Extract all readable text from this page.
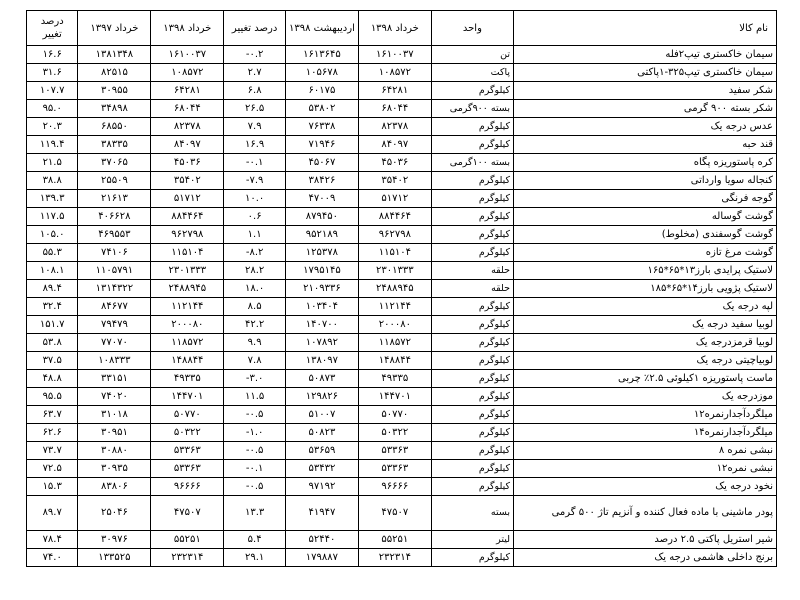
نام کالا	واحد	خرداد ۱۳۹۸	اردیبهشت ۱۳۹۸	درصد تغییر	خرداد ۱۳۹۸	خرداد ۱۳۹۷	درصد تغییر
سیمان خاکستری تیپ۲فله	تن	۱۶۱۰۰۳۷	۱۶۱۳۶۴۵	-۰.۲	۱۶۱۰۰۳۷	۱۳۸۱۳۴۸	۱۶.۶
سیمان خاکستری تیپ۳۲۵-۱پاکتی	پاکت	۱۰۸۵۷۲	۱۰۵۶۷۸	۲.۷	۱۰۸۵۷۲	۸۲۵۱۵	۳۱.۶
شکر سفید	کیلوگرم	۶۴۲۸۱	۶۰۱۷۵	۶.۸	۶۴۲۸۱	۳۰۹۵۵	۱۰۷.۷
شکر بسته ۹۰۰ گرمی	بسته ۹۰۰گرمی	۶۸۰۴۴	۵۳۸۰۲	۲۶.۵	۶۸۰۴۴	۳۴۸۹۸	۹۵.۰
عدس درجه یک	کیلوگرم	۸۲۳۷۸	۷۶۳۳۸	۷.۹	۸۲۳۷۸	۶۸۵۵۰	۲۰.۳
قند حبه	کیلوگرم	۸۴۰۹۷	۷۱۹۴۶	۱۶.۹	۸۴۰۹۷	۳۸۳۳۵	۱۱۹.۴
کره پاستوریزه پگاه	بسته ۱۰۰گرمی	۴۵۰۳۶	۴۵۰۶۷	-۰.۱	۴۵۰۳۶	۳۷۰۶۵	۲۱.۵
کنجاله سویا وارداتی	کیلوگرم	۳۵۴۰۲	۳۸۴۲۶	-۷.۹	۳۵۴۰۲	۲۵۵۰۹	۳۸.۸
گوجه فرنگی	کیلوگرم	۵۱۷۱۲	۴۷۰۰۹	۱۰.۰	۵۱۷۱۲	۲۱۶۱۳	۱۳۹.۳
گوشت گوساله	کیلوگرم	۸۸۴۴۶۴	۸۷۹۴۵۰	۰.۶	۸۸۴۴۶۴	۴۰۶۶۲۸	۱۱۷.۵
گوشت گوسفندی (مخلوط)	کیلوگرم	۹۶۲۷۹۸	۹۵۲۱۸۹	۱.۱	۹۶۲۷۹۸	۴۶۹۵۵۳	۱۰۵.۰
گوشت مرغ تازه	کیلوگرم	۱۱۵۱۰۴	۱۲۵۳۷۸	-۸.۲	۱۱۵۱۰۴	۷۴۱۰۶	۵۵.۳
لاستیک پرایدی بارز۱۳*۶۵*۱۶۵	حلقه	۲۳۰۱۳۳۳	۱۷۹۵۱۴۵	۲۸.۲	۲۳۰۱۳۳۳	۱۱۰۵۷۹۱	۱۰۸.۱
لاستیک پژویی بارز۱۴*۶۵*۱۸۵	حلقه	۲۴۸۸۹۴۵	۲۱۰۹۳۳۶	۱۸.۰	۲۴۸۸۹۴۵	۱۳۱۴۳۲۲	۸۹.۴
لپه درجه یک	کیلوگرم	۱۱۲۱۴۴	۱۰۳۴۰۴	۸.۵	۱۱۲۱۴۴	۸۴۶۷۷	۳۲.۴
لوبیا سفید درجه یک	کیلوگرم	۲۰۰۰۸۰	۱۴۰۷۰۰	۴۲.۲	۲۰۰۰۸۰	۷۹۴۷۹	۱۵۱.۷
لوبیا قرمزدرجه یک	کیلوگرم	۱۱۸۵۷۲	۱۰۷۸۹۲	۹.۹	۱۱۸۵۷۲	۷۷۰۷۰	۵۳.۸
لوبیاچیتی درجه یک	کیلوگرم	۱۴۸۸۴۴	۱۳۸۰۹۷	۷.۸	۱۴۸۸۴۴	۱۰۸۳۳۳	۳۷.۵
ماست پاستوریزه ۱کیلوئی ۲.۵٪ چربی	کیلوگرم	۴۹۳۳۵	۵۰۸۷۳	-۳.۰	۴۹۳۳۵	۳۳۱۵۱	۴۸.۸
موزدرجه یک	کیلوگرم	۱۴۴۷۰۱	۱۲۹۸۲۶	۱۱.۵	۱۴۴۷۰۱	۷۴۰۲۰	۹۵.۵
میلگردآجدارنمره۱۲	کیلوگرم	۵۰۷۷۰	۵۱۰۰۷	-۰.۵	۵۰۷۷۰	۳۱۰۱۸	۶۳.۷
میلگردآجدارنمره۱۴	کیلوگرم	۵۰۳۲۲	۵۰۸۲۳	-۱.۰	۵۰۳۲۲	۳۰۹۵۱	۶۲.۶
نبشی نمره ۸	کیلوگرم	۵۳۳۶۳	۵۳۶۵۹	-۰.۵	۵۳۳۶۳	۳۰۸۸۰	۷۳.۷
نبشی نمره۱۲	کیلوگرم	۵۳۳۶۳	۵۳۴۳۲	-۰.۱	۵۳۳۶۳	۳۰۹۳۵	۷۲.۵
نخود درجه یک	کیلوگرم	۹۶۶۶۶	۹۷۱۹۲	-۰.۵	۹۶۶۶۶	۸۳۸۰۶	۱۵.۳
پودر ماشینی با ماده فعال کننده و آنزیم تاژ ۵۰۰ گرمی	بسته	۴۷۵۰۷	۴۱۹۴۷	۱۳.۳	۴۷۵۰۷	۲۵۰۴۶	۸۹.۷
شیر استریل پاکتی ۲.۵ درصد	لیتر	۵۵۲۵۱	۵۲۴۴۰	۵.۴	۵۵۲۵۱	۳۰۹۷۶	۷۸.۴
برنج داخلی هاشمی درجه یک	کیلوگرم	۲۳۲۳۱۴	۱۷۹۸۸۷	۲۹.۱	۲۳۲۳۱۴	۱۳۳۵۲۵	۷۴.۰
